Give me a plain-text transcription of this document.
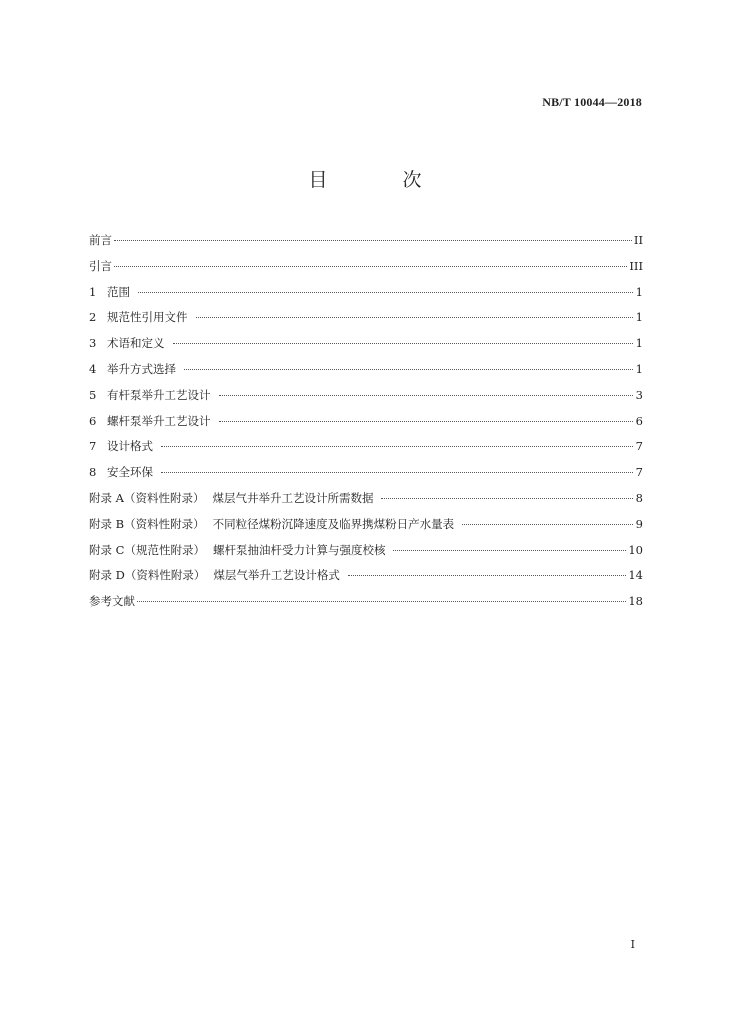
NB/T 10044—2018
目　次
前言	II
引言	III
1 范围	1
2 规范性引用文件	1
3 术语和定义	1
4 举升方式选择	1
5 有杆泵举升工艺设计	3
6 螺杆泵举升工艺设计	6
7 设计格式	7
8 安全环保	7
附录 A（资料性附录） 煤层气井举升工艺设计所需数据	8
附录 B（资料性附录） 不同粒径煤粉沉降速度及临界携煤粉日产水量表	9
附录 C（规范性附录） 螺杆泵抽油杆受力计算与强度校核	10
附录 D（资料性附录） 煤层气举升工艺设计格式	14
参考文献	18
I
